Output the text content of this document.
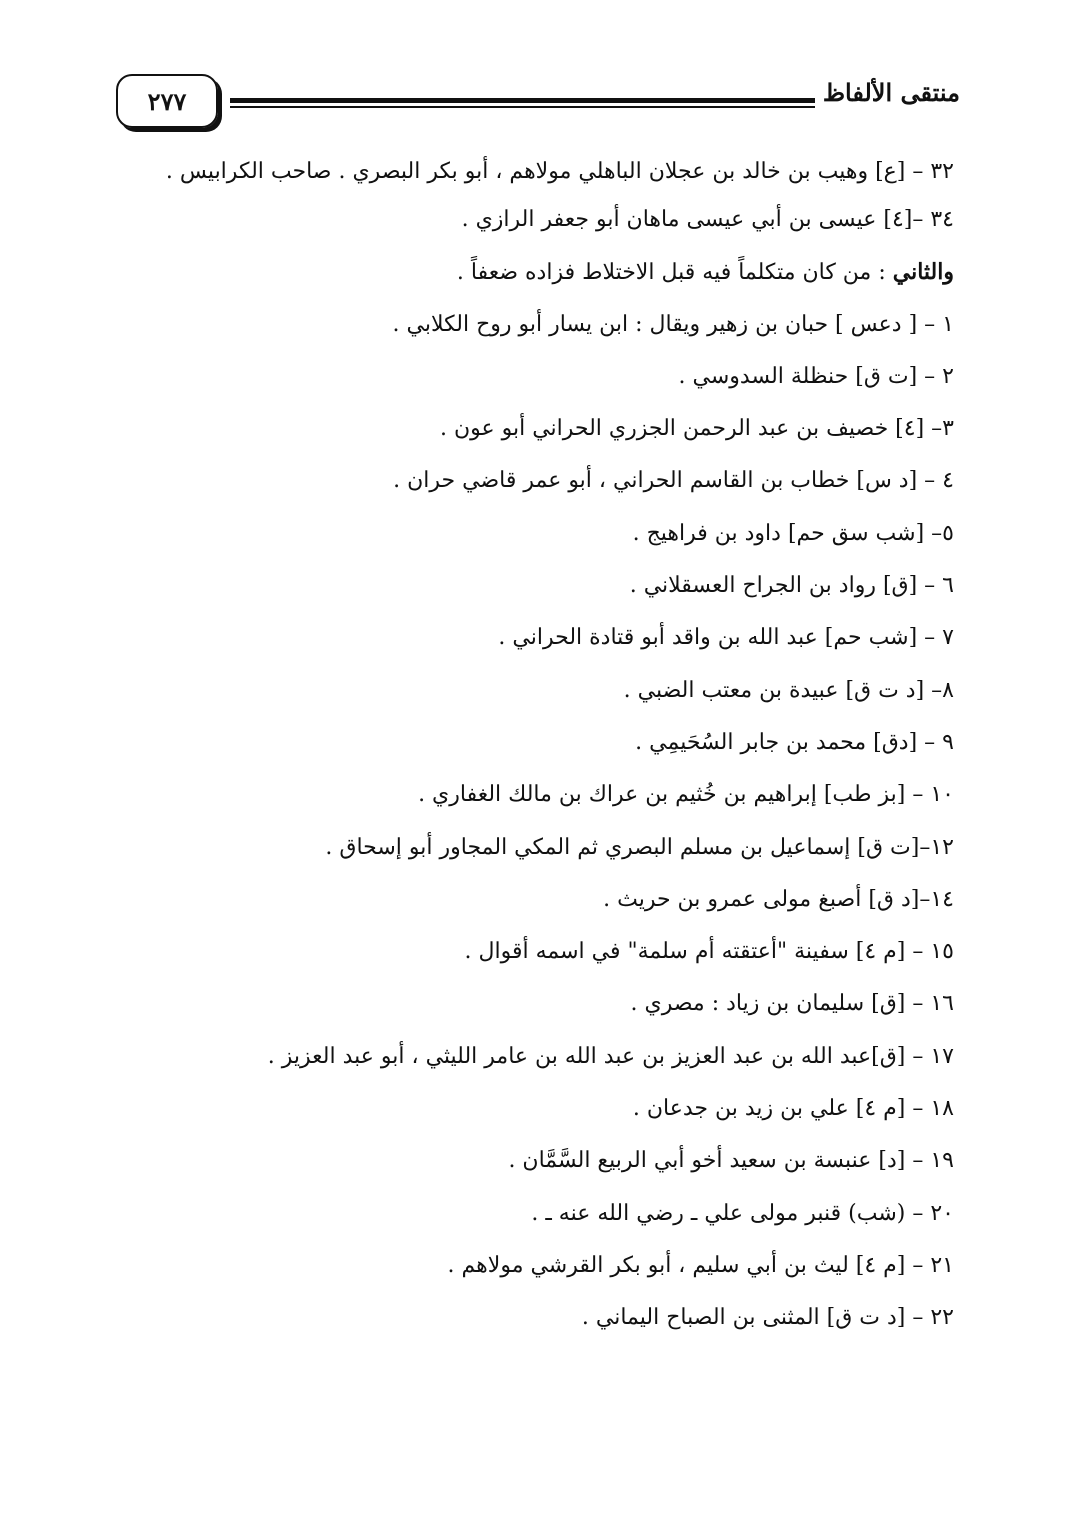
٢٧٧	منتقى الألفاظ
٣٢ – [ع] وهيب بن خالد بن عجلان الباهلي مولاهم ، أبو بكر البصري . صاحب الكرابيس .
٣٤ –[٤] عيسى بن أبي عيسى ماهان أبو جعفر الرازي .
والثاني : من كان متكلماً فيه قبل الاختلاط فزاده ضعفاً .
١ – [ دعس ] حبان بن زهير ويقال : ابن يسار أبو روح الكلابي .
٢ – [ت ق] حنظلة السدوسي .
٣– [٤] خصيف بن عبد الرحمن الجزري الحراني أبو عون .
٤ – [د س] خطاب بن القاسم الحراني ، أبو عمر قاضي حران .
٥– [شب سق حم] داود بن فراهيج .
٦ – [ق] رواد بن الجراح العسقلاني .
٧ – [شب حم] عبد الله بن واقد أبو قتادة الحراني .
٨– [د ت ق] عبيدة بن معتب الضبي .
٩ – [دق] محمد بن جابر السُحَيمِي .
١٠ – [بز طب] إبراهيم بن خُثيم بن عراك بن مالك الغفاري .
١٢–[ت ق] إسماعيل بن مسلم البصري ثم المكي المجاور أبو إسحاق .
١٤–[د ق] أصبغ مولى عمرو بن حريث .
١٥ – [م ٤] سفينة "أعتقته أم سلمة" في اسمه أقوال .
١٦ – [ق] سليمان بن زياد : مصري .
١٧ – [ق]عبد الله بن عبد العزيز بن عبد الله بن عامر الليثي ، أبو عبد العزيز .
١٨ – [م ٤] علي بن زيد بن جدعان .
١٩ – [د] عنبسة بن سعيد أخو أبي الربيع السَّمَّان .
٢٠ – (شب) قنبر مولى علي ـ رضي الله عنه ـ .
٢١ – [م ٤] ليث بن أبي سليم ، أبو بكر القرشي مولاهم .
٢٢ – [د ت ق] المثنى بن الصباح اليماني .
